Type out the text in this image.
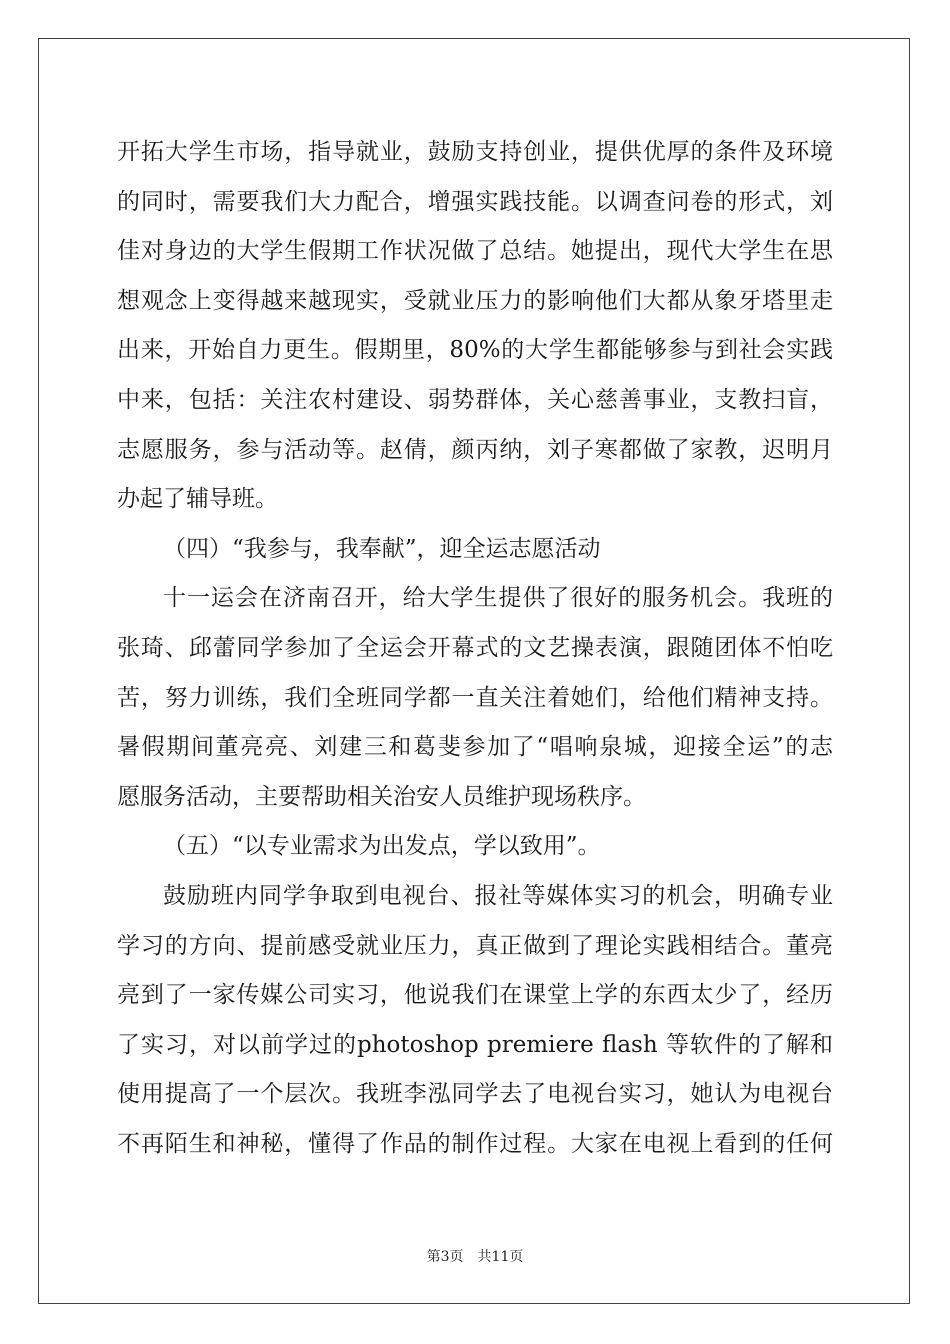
开拓大学生市场，指导就业，鼓励支持创业，提供优厚的条件及环境
的同时，需要我们大力配合，增强实践技能。以调查问卷的形式，刘
佳对身边的大学生假期工作状况做了总结。她提出，现代大学生在思
想观念上变得越来越现实，受就业压力的影响他们大都从象牙塔里走
出来，开始自力更生。假期里，80%的大学生都能够参与到社会实践
中来，包括：关注农村建设、弱势群体，关心慈善事业，支教扫盲，
志愿服务，参与活动等。赵倩，颜丙纳，刘子寒都做了家教，迟明月
办起了辅导班。
（四）“我参与，我奉献”，迎全运志愿活动
十一运会在济南召开，给大学生提供了很好的服务机会。我班的
张琦、邱蕾同学参加了全运会开幕式的文艺操表演，跟随团体不怕吃
苦，努力训练，我们全班同学都一直关注着她们，给他们精神支持。
暑假期间董亮亮、刘建三和葛斐参加了“唱响泉城，迎接全运”的志
愿服务活动，主要帮助相关治安人员维护现场秩序。
（五）“以专业需求为出发点，学以致用”。
鼓励班内同学争取到电视台、报社等媒体实习的机会，明确专业
学习的方向、提前感受就业压力，真正做到了理论实践相结合。董亮
亮到了一家传媒公司实习，他说我们在课堂上学的东西太少了，经历
了实习，对以前学过的photoshop premiere flash 等软件的了解和
使用提高了一个层次。我班李泓同学去了电视台实习，她认为电视台
不再陌生和神秘，懂得了作品的制作过程。大家在电视上看到的任何
第3页　共11页
